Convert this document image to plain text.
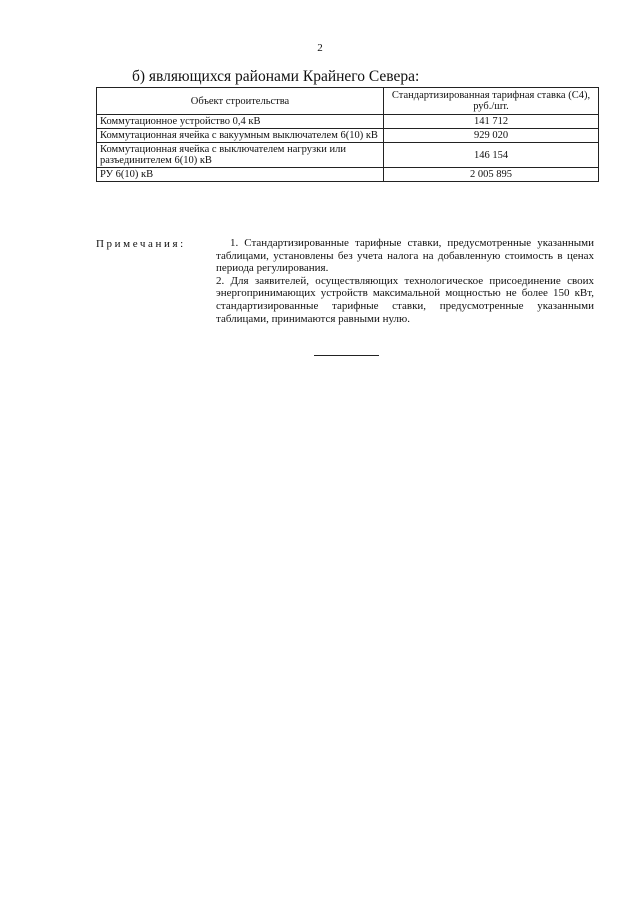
2
б) являющихся районами Крайнего Севера:
Объект строительства	Стандартизированная тарифная ставка (С4), руб./шт.
Коммутационное устройство 0,4 кВ	141 712
Коммутационная ячейка с вакуумным выключателем 6(10) кВ	929 020
Коммутационная ячейка с выключателем нагрузки или разъединителем 6(10) кВ	146 154
РУ 6(10) кВ	2 005 895
Примечания:	1. Стандартизированные тарифные ставки, предусмотренные указанными таблицами, установлены без учета налога на добавленную стоимость в ценах периода регулирования.

2. Для заявителей, осуществляющих технологическое присоединение своих энергопринимающих устройств максимальной мощностью не более 150 кВт, стандартизированные тарифные ставки, предусмотренные указанными таблицами, принимаются равными нулю.
